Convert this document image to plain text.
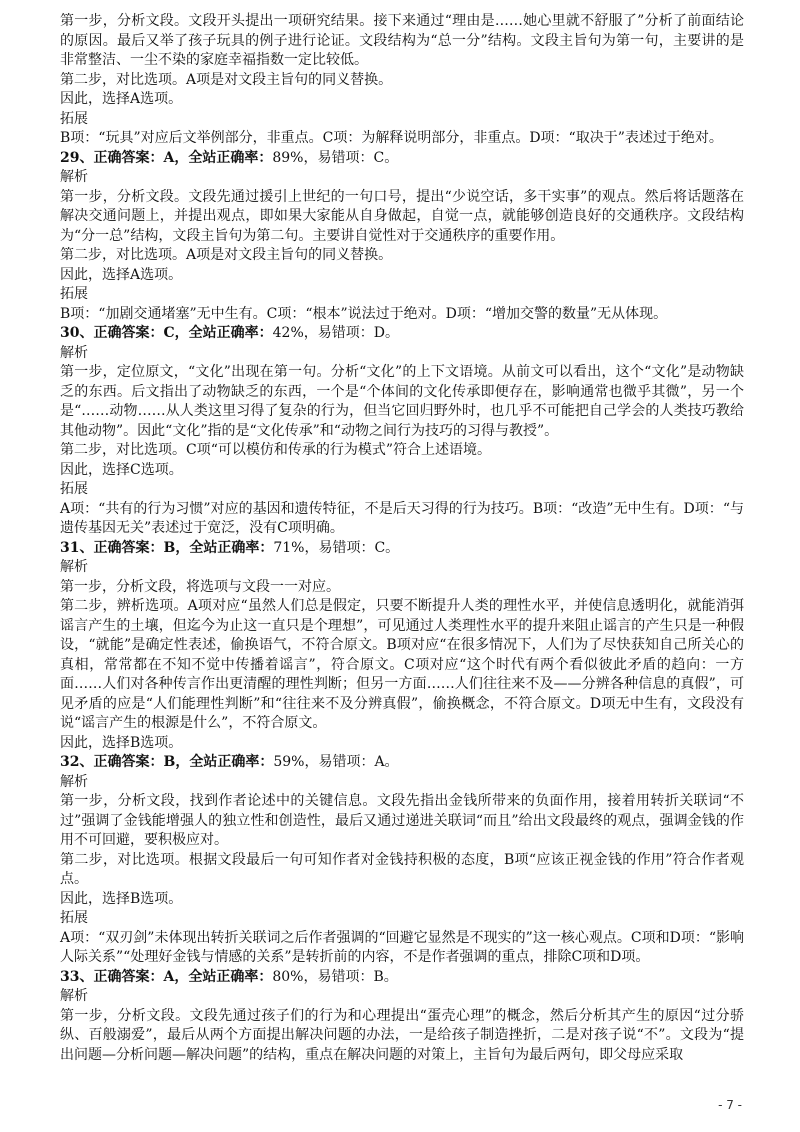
第一步，分析文段。文段开头提出一项研究结果。接下来通过“理由是……她心里就不舒服了”分析了前面结论的原因。最后又举了孩子玩具的例子进行论证。文段结构为“总一分”结构。文段主旨句为第一句，主要讲的是非常整洁、一尘不染的家庭幸福指数一定比较低。

第二步，对比选项。A项是对文段主旨句的同义替换。

因此，选择A选项。

拓展

B项：“玩具”对应后文举例部分，非重点。C项：为解释说明部分，非重点。D项：“取决于”表述过于绝对。

29、正确答案：A，全站正确率：89%，易错项：C。

解析

第一步，分析文段。文段先通过援引上世纪的一句口号，提出“少说空话，多干实事”的观点。然后将话题落在解决交通问题上，并提出观点，即如果大家能从自身做起，自觉一点，就能够创造良好的交通秩序。文段结构为“分一总”结构，文段主旨句为第二句。主要讲自觉性对于交通秩序的重要作用。

第二步，对比选项。A项是对文段主旨句的同义替换。

因此，选择A选项。

拓展

B项：“加剧交通堵塞”无中生有。C项：“根本”说法过于绝对。D项：“增加交警的数量”无从体现。

30、正确答案：C，全站正确率：42%，易错项：D。

解析

第一步，定位原文，“文化”出现在第一句。分析“文化”的上下文语境。从前文可以看出，这个“文化”是动物缺乏的东西。后文指出了动物缺乏的东西，一个是“个体间的文化传承即便存在，影响通常也微乎其微”，另一个是“……动物……从人类这里习得了复杂的行为，但当它回归野外时，也几乎不可能把自己学会的人类技巧教给其他动物”。因此“文化”指的是“文化传承”和“动物之间行为技巧的习得与教授”。

第二步，对比选项。C项“可以模仿和传承的行为模式”符合上述语境。

因此，选择C选项。

拓展

A项：“共有的行为习惯”对应的基因和遗传特征，不是后天习得的行为技巧。B项：“改造”无中生有。D项：“与遗传基因无关”表述过于宽泛，没有C项明确。

31、正确答案：B，全站正确率：71%，易错项：C。

解析

第一步，分析文段，将选项与文段一一对应。

第二步，辨析选项。A项对应“虽然人们总是假定，只要不断提升人类的理性水平，并使信息透明化，就能消弭谣言产生的土壤，但迄今为止这一直只是个理想”，可见通过人类理性水平的提升来阻止谣言的产生只是一种假设，“就能”是确定性表述，偷换语气，不符合原文。B项对应“在很多情况下，人们为了尽快获知自己所关心的真相，常常都在不知不觉中传播着谣言”，符合原文。C项对应“这个时代有两个看似彼此矛盾的趋向：一方面……人们对各种传言作出更清醒的理性判断；但另一方面……人们往往来不及——分辨各种信息的真假”，可见矛盾的应是“人们能理性判断”和“往往来不及分辨真假”，偷换概念，不符合原文。D项无中生有，文段没有说“谣言产生的根源是什么”，不符合原文。

因此，选择B选项。

32、正确答案：B，全站正确率：59%，易错项：A。

解析

第一步，分析文段，找到作者论述中的关键信息。文段先指出金钱所带来的负面作用，接着用转折关联词“不过”强调了金钱能增强人的独立性和创造性，最后又通过递进关联词“而且”给出文段最终的观点，强调金钱的作用不可回避，要积极应对。

第二步，对比选项。根据文段最后一句可知作者对金钱持积极的态度，B项“应该正视金钱的作用”符合作者观点。

因此，选择B选项。

拓展

A项：“双刃剑”未体现出转折关联词之后作者强调的“回避它显然是不现实的”这一核心观点。C项和D项：“影响人际关系”“处理好金钱与情感的关系”是转折前的内容，不是作者强调的重点，排除C项和D项。

33、正确答案：A，全站正确率：80%，易错项：B。

解析

第一步，分析文段。文段先通过孩子们的行为和心理提出“蛋壳心理”的概念，然后分析其产生的原因“过分骄纵、百般溺爱”，最后从两个方面提出解决问题的办法，一是给孩子制造挫折，二是对孩子说“不”。文段为“提出问题—分析问题—解决问题”的结构，重点在解决问题的对策上，主旨句为最后两句，即父母应采取

- 7 -
